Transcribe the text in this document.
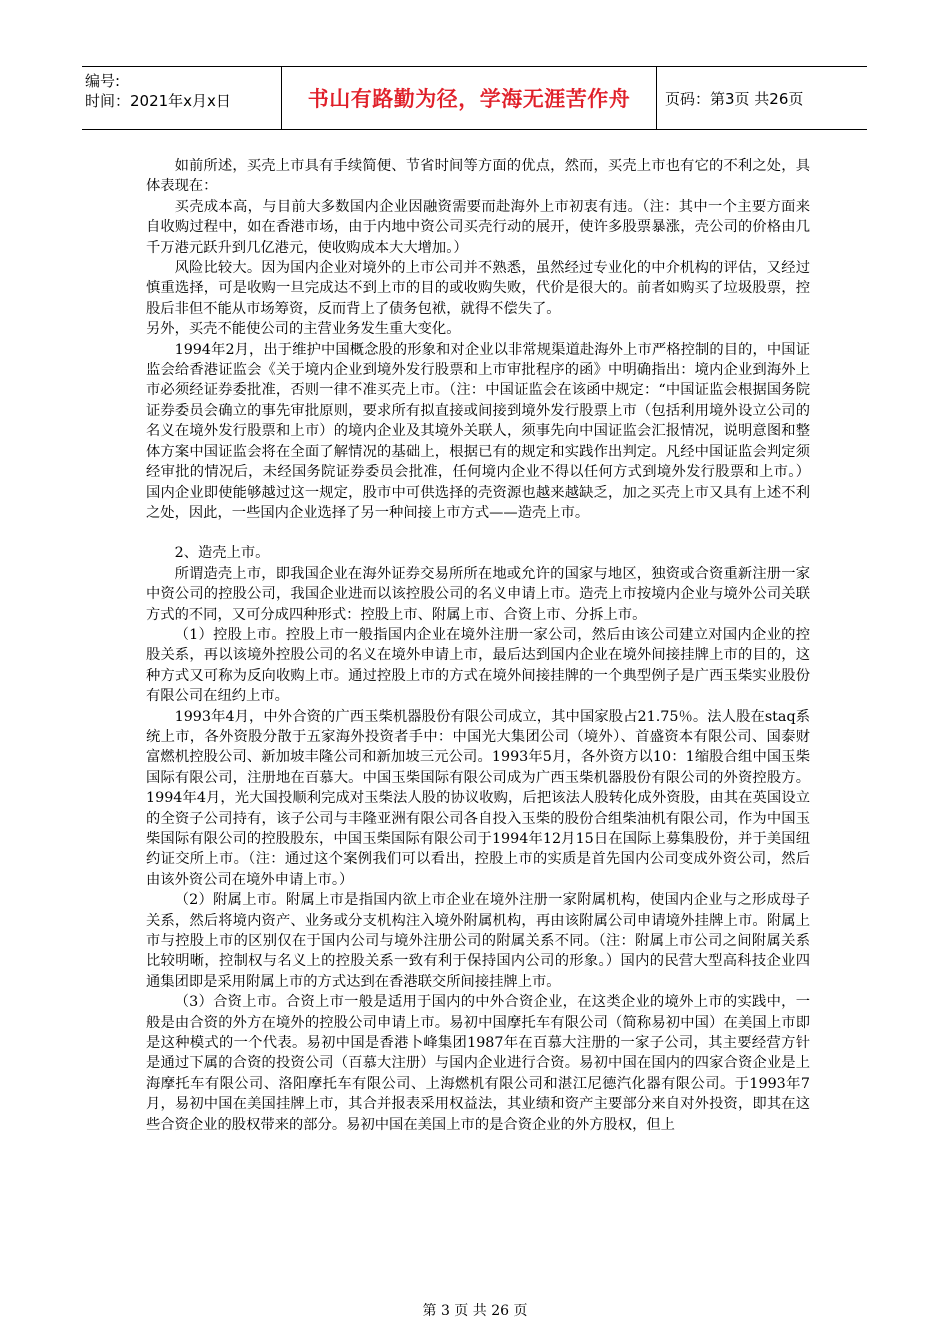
编号:
时间：2021年x月x日	书山有路勤为径，学海无涯苦作舟	页码：第3页 共26页

如前所述，买壳上市具有手续简便、节省时间等方面的优点，然而，买壳上市也有它的不利之处，具体表现在：

买壳成本高，与目前大多数国内企业因融资需要而赴海外上市初衷有违。（注：其中一个主要方面来自收购过程中，如在香港市场，由于内地中资公司买壳行动的展开，使许多股票暴涨，壳公司的价格由几千万港元跃升到几亿港元，使收购成本大大增加。）

风险比较大。因为国内企业对境外的上市公司并不熟悉，虽然经过专业化的中介机构的评估，又经过慎重选择，可是收购一旦完成达不到上市的目的或收购失败，代价是很大的。前者如购买了垃圾股票，控股后非但不能从市场筹资，反而背上了债务包袱，就得不偿失了。

另外，买壳不能使公司的主营业务发生重大变化。

1994年2月，出于维护中国概念股的形象和对企业以非常规渠道赴海外上市严格控制的目的，中国证监会给香港证监会《关于境内企业到境外发行股票和上市审批程序的函》中明确指出：境内企业到海外上市必须经证券委批准，否则一律不准买壳上市。（注：中国证监会在该函中规定：“中国证监会根据国务院证券委员会确立的事先审批原则，要求所有拟直接或间接到境外发行股票上市（包括利用境外设立公司的名义在境外发行股票和上市）的境内企业及其境外关联人，须事先向中国证监会汇报情况，说明意图和整体方案中国证监会将在全面了解情况的基础上，根据已有的规定和实践作出判定。凡经中国证监会判定须经审批的情况后，未经国务院证券委员会批准，任何境内企业不得以任何方式到境外发行股票和上市。）国内企业即使能够越过这一规定，股市中可供选择的壳资源也越来越缺乏，加之买壳上市又具有上述不利之处，因此，一些国内企业选择了另一种间接上市方式——造壳上市。

2、造壳上市。

所谓造壳上市，即我国企业在海外证券交易所所在地或允许的国家与地区，独资或合资重新注册一家中资公司的控股公司，我国企业进而以该控股公司的名义申请上市。造壳上市按境内企业与境外公司关联方式的不同，又可分成四种形式：控股上市、附属上市、合资上市、分拆上市。

（1）控股上市。控股上市一般指国内企业在境外注册一家公司，然后由该公司建立对国内企业的控股关系，再以该境外控股公司的名义在境外申请上市，最后达到国内企业在境外间接挂牌上市的目的，这种方式又可称为反向收购上市。通过控股上市的方式在境外间接挂牌的一个典型例子是广西玉柴实业股份有限公司在纽约上市。

1993年4月，中外合资的广西玉柴机器股份有限公司成立，其中国家股占21.75％。法人股在staq系统上市，各外资股分散于五家海外投资者手中：中国光大集团公司（境外）、首盛资本有限公司、国泰财富燃机控股公司、新加坡丰隆公司和新加坡三元公司。1993年5月，各外资方以10：1缩股合组中国玉柴国际有限公司，注册地在百慕大。中国玉柴国际有限公司成为广西玉柴机器股份有限公司的外资控股方。1994年4月，光大国投顺利完成对玉柴法人股的协议收购，后把该法人股转化成外资股，由其在英国设立的全资子公司持有，该子公司与丰隆亚洲有限公司各自投入玉柴的股份合组柴油机有限公司，作为中国玉柴国际有限公司的控股股东，中国玉柴国际有限公司于1994年12月15日在国际上募集股份，并于美国纽约证交所上市。（注：通过这个案例我们可以看出，控股上市的实质是首先国内公司变成外资公司，然后由该外资公司在境外申请上市。）

（2）附属上市。附属上市是指国内欲上市企业在境外注册一家附属机构，使国内企业与之形成母子关系，然后将境内资产、业务或分支机构注入境外附属机构，再由该附属公司申请境外挂牌上市。附属上市与控股上市的区别仅在于国内公司与境外注册公司的附属关系不同。（注：附属上市公司之间附属关系比较明晰，控制权与名义上的控股关系一致有利于保持国内公司的形象。）国内的民营大型高科技企业四通集团即是采用附属上市的方式达到在香港联交所间接挂牌上市。

（3）合资上市。合资上市一般是适用于国内的中外合资企业，在这类企业的境外上市的实践中，一般是由合资的外方在境外的控股公司申请上市。易初中国摩托车有限公司（简称易初中国）在美国上市即是这种模式的一个代表。易初中国是香港卜峰集团1987年在百慕大注册的一家子公司，其主要经营方针是通过下属的合资的投资公司（百慕大注册）与国内企业进行合资。易初中国在国内的四家合资企业是上海摩托车有限公司、洛阳摩托车有限公司、上海燃机有限公司和湛江尼德汽化器有限公司。于1993年7月，易初中国在美国挂牌上市，其合并报表采用权益法，其业绩和资产主要部分来自对外投资，即其在这些合资企业的股权带来的部分。易初中国在美国上市的是合资企业的外方股权，但上

第 3 页 共 26 页
